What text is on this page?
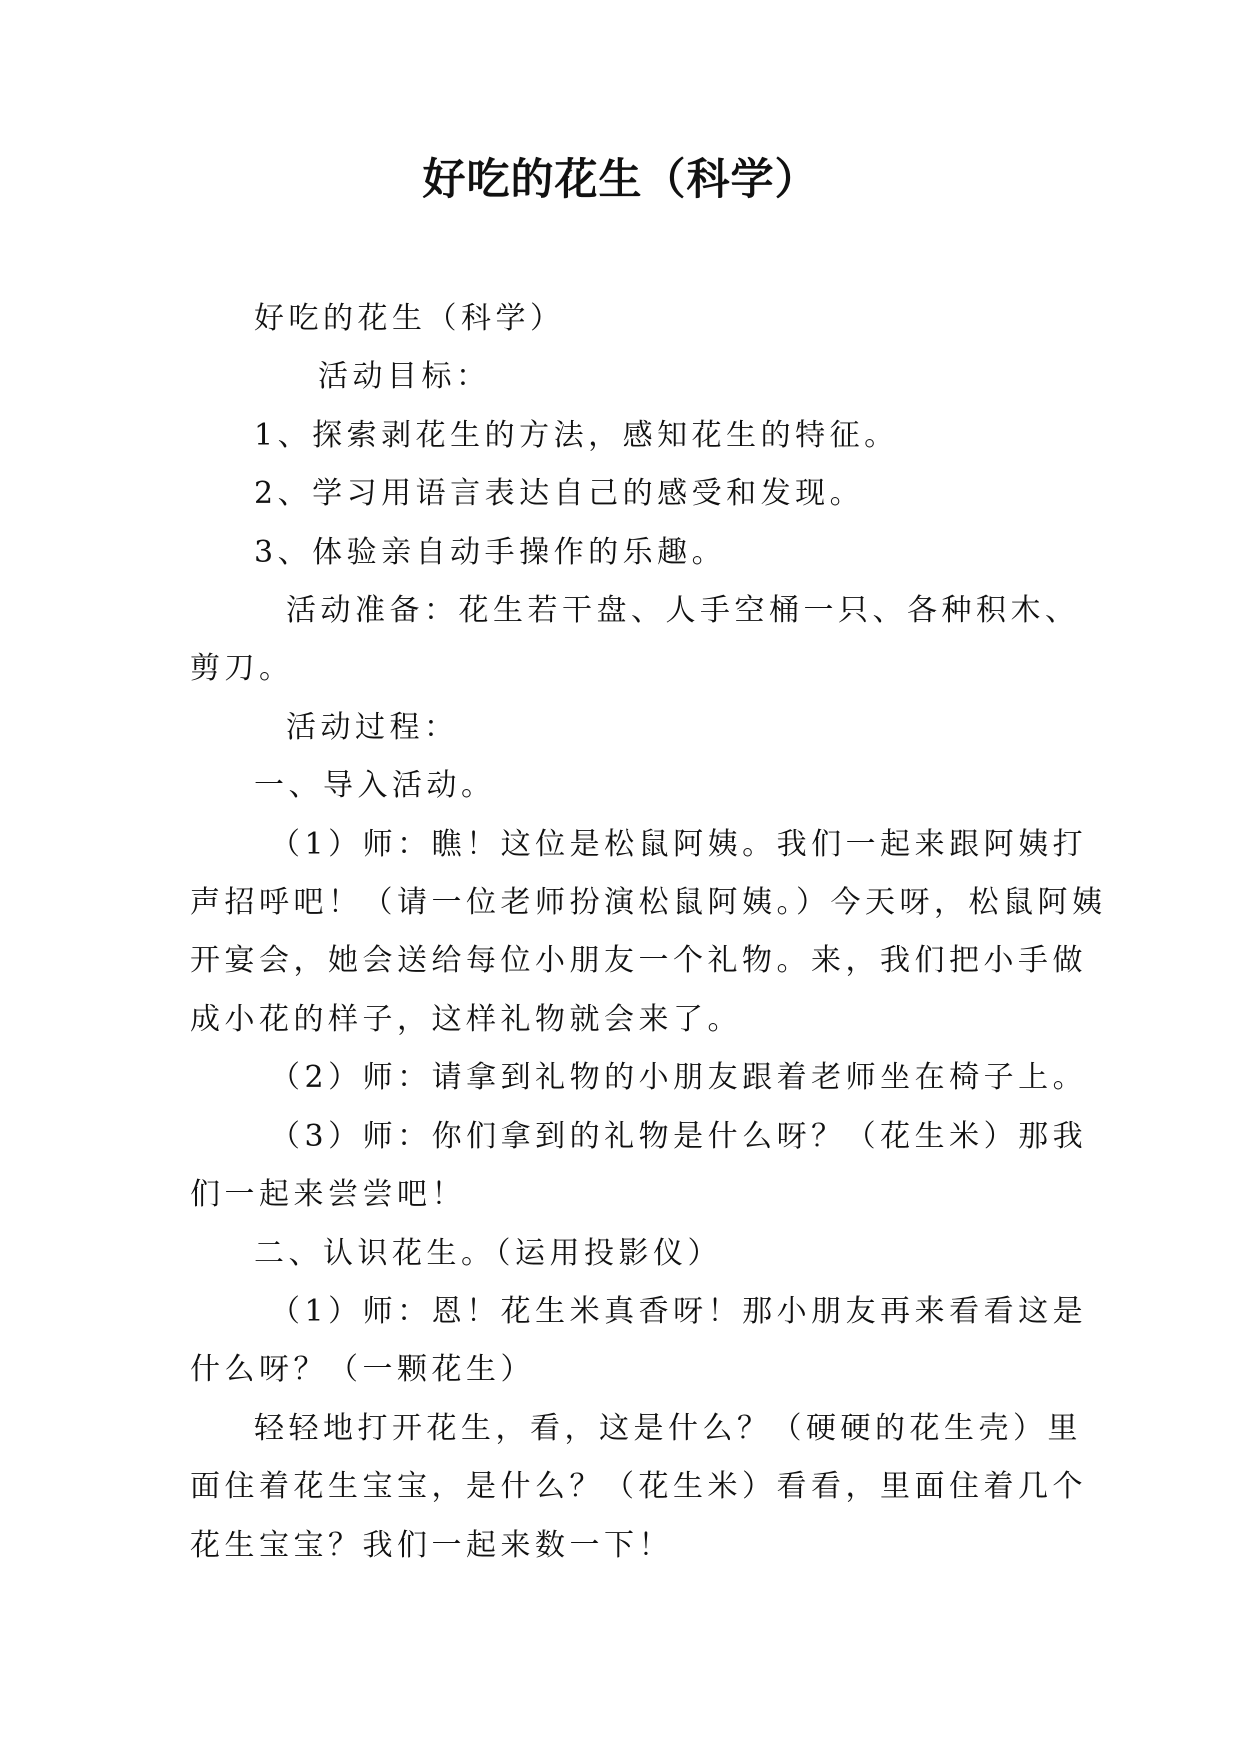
好吃的花生（科学）

好吃的花生（科学）

活动目标：

1、探索剥花生的方法，感知花生的特征。

2、学习用语言表达自己的感受和发现。

3、体验亲自动手操作的乐趣。

活动准备：花生若干盘、人手空桶一只、各种积木、

剪刀。

活动过程：

一、导入活动。

（1）师：瞧！这位是松鼠阿姨。我们一起来跟阿姨打

声招呼吧！（请一位老师扮演松鼠阿姨。）今天呀，松鼠阿姨

开宴会，她会送给每位小朋友一个礼物。来，我们把小手做

成小花的样子，这样礼物就会来了。

（2）师：请拿到礼物的小朋友跟着老师坐在椅子上。

（3）师：你们拿到的礼物是什么呀？（花生米）那我

们一起来尝尝吧！

二、认识花生。（运用投影仪）

（1）师：恩！花生米真香呀！那小朋友再来看看这是

什么呀？（一颗花生）

轻轻地打开花生，看，这是什么？（硬硬的花生壳）里

面住着花生宝宝，是什么？（花生米）看看，里面住着几个

花生宝宝？我们一起来数一下！
